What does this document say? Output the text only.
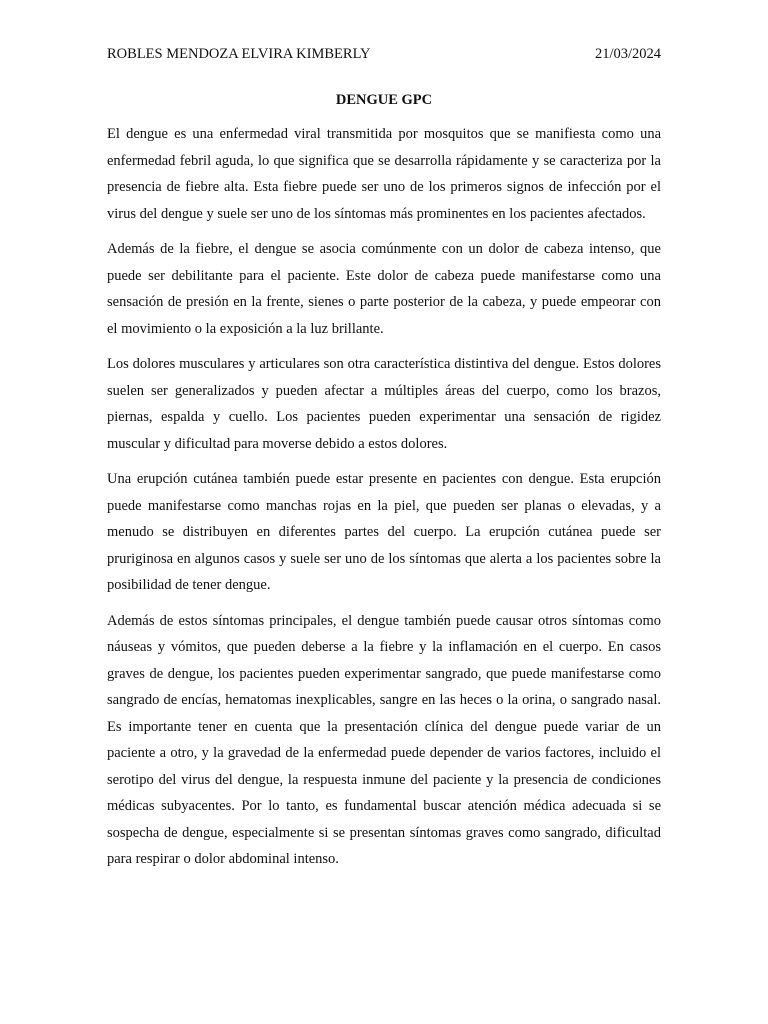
ROBLES MENDOZA ELVIRA KIMBERLY	21/03/2024
DENGUE GPC

El dengue es una enfermedad viral transmitida por mosquitos que se manifiesta como una enfermedad febril aguda, lo que significa que se desarrolla rápidamente y se caracteriza por la presencia de fiebre alta. Esta fiebre puede ser uno de los primeros signos de infección por el virus del dengue y suele ser uno de los síntomas más prominentes en los pacientes afectados.

Además de la fiebre, el dengue se asocia comúnmente con un dolor de cabeza intenso, que puede ser debilitante para el paciente. Este dolor de cabeza puede manifestarse como una sensación de presión en la frente, sienes o parte posterior de la cabeza, y puede empeorar con el movimiento o la exposición a la luz brillante.

Los dolores musculares y articulares son otra característica distintiva del dengue. Estos dolores suelen ser generalizados y pueden afectar a múltiples áreas del cuerpo, como los brazos, piernas, espalda y cuello. Los pacientes pueden experimentar una sensación de rigidez muscular y dificultad para moverse debido a estos dolores.

Una erupción cutánea también puede estar presente en pacientes con dengue. Esta erupción puede manifestarse como manchas rojas en la piel, que pueden ser planas o elevadas, y a menudo se distribuyen en diferentes partes del cuerpo. La erupción cutánea puede ser pruriginosa en algunos casos y suele ser uno de los síntomas que alerta a los pacientes sobre la posibilidad de tener dengue.

Además de estos síntomas principales, el dengue también puede causar otros síntomas como náuseas y vómitos, que pueden deberse a la fiebre y la inflamación en el cuerpo. En casos graves de dengue, los pacientes pueden experimentar sangrado, que puede manifestarse como sangrado de encías, hematomas inexplicables, sangre en las heces o la orina, o sangrado nasal. Es importante tener en cuenta que la presentación clínica del dengue puede variar de un paciente a otro, y la gravedad de la enfermedad puede depender de varios factores, incluido el serotipo del virus del dengue, la respuesta inmune del paciente y la presencia de condiciones médicas subyacentes. Por lo tanto, es fundamental buscar atención médica adecuada si se sospecha de dengue, especialmente si se presentan síntomas graves como sangrado, dificultad para respirar o dolor abdominal intenso.
